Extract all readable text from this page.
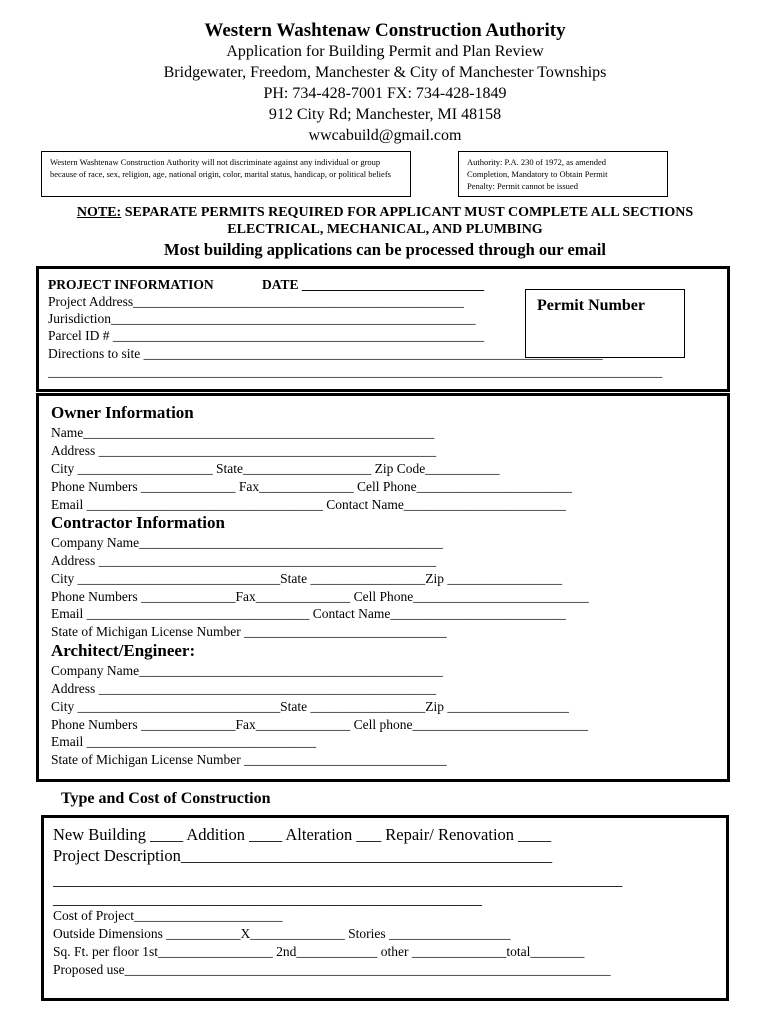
Western Washtenaw Construction Authority
Application for Building Permit and Plan Review
Bridgewater, Freedom, Manchester & City of Manchester Townships
PH: 734-428-7001 FX: 734-428-1849
912 City Rd; Manchester, MI 48158
wwcabuild@gmail.com
Western Washtenaw Construction Authority will not discriminate against any individual or group because of race, sex, religion, age, national origin, color, marital status, handicap, or political beliefs
Authority: P.A. 230 of 1972, as amended
Completion, Mandatory to Obtain Permit
Penalty: Permit cannot be issued
NOTE: SEPARATE PERMITS REQUIRED FOR APPLICANT MUST COMPLETE ALL SECTIONS
ELECTRICAL, MECHANICAL, AND PLUMBING
Most building applications can be processed through our email
PROJECT INFORMATION	DATE ___________________________
Project Address_________________________________________________
Jurisdiction______________________________________________________
Parcel ID # _______________________________________________________
Directions to site ____________________________________________________________________
___________________________________________________________________________________________
Permit Number
Owner Information
Name____________________________________________________
Address __________________________________________________
City ____________________ State___________________ Zip Code___________
Phone Numbers ______________ Fax______________ Cell Phone_______________________
Email ___________________________________ Contact Name________________________
Contractor Information
Company Name_____________________________________________
Address __________________________________________________
City ______________________________State _________________Zip _________________
Phone Numbers ______________Fax______________ Cell Phone__________________________
Email _________________________________ Contact Name__________________________
State of Michigan License Number ______________________________
Architect/Engineer:
Company Name_____________________________________________
Address __________________________________________________
City ______________________________State _________________Zip __________________
Phone Numbers ______________Fax______________ Cell phone__________________________
Email __________________________________
State of Michigan License Number ______________________________
Type and Cost of Construction
New Building ____ Addition ____ Alteration ___ Repair/ Renovation ____
Project Description_____________________________________________
_____________________________________________________________________
____________________________________________________
Cost of Project______________________
Outside Dimensions ___________X______________ Stories __________________
Sq. Ft. per floor 1st_________________ 2nd____________ other ______________total________
Proposed use________________________________________________________________________
